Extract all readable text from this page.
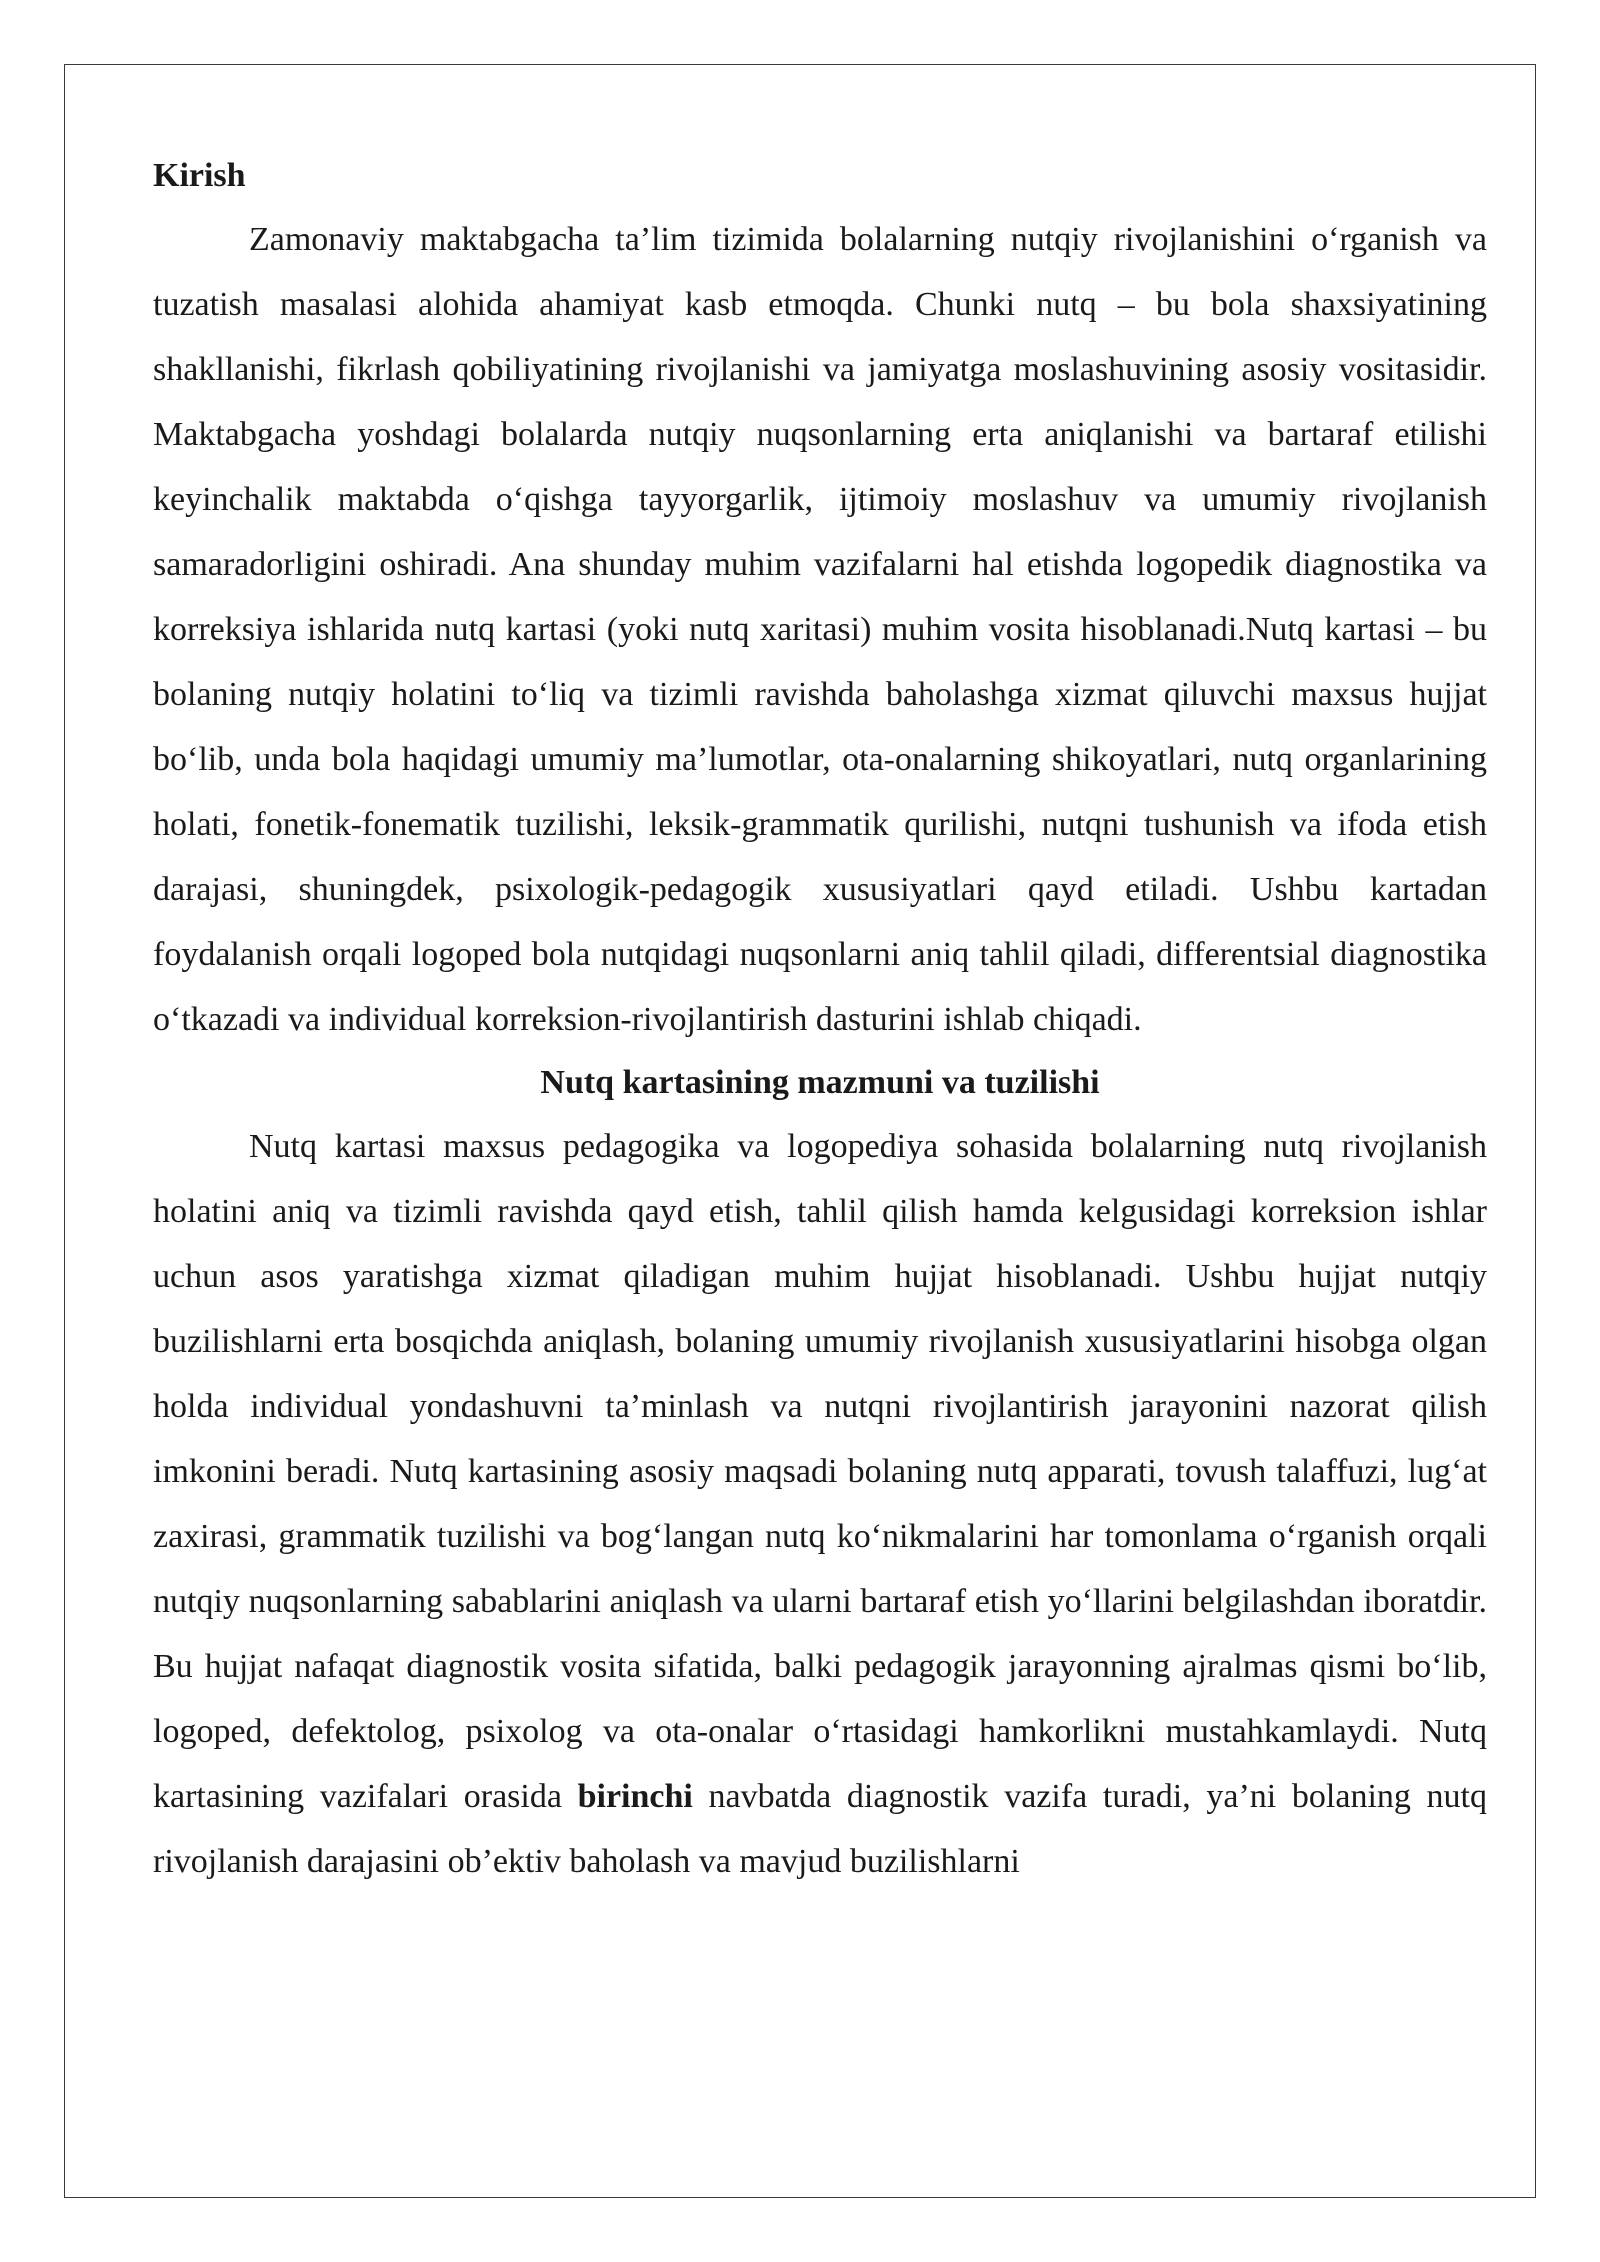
Kirish

Zamonaviy maktabgacha ta’lim tizimida bolalarning nutqiy rivojlanishini o‘rganish va tuzatish masalasi alohida ahamiyat kasb etmoqda. Chunki nutq – bu bola shaxsiyatining shakllanishi, fikrlash qobiliyatining rivojlanishi va jamiyatga moslashuvining asosiy vositasidir. Maktabgacha yoshdagi bolalarda nutqiy nuqsonlarning erta aniqlanishi va bartaraf etilishi keyinchalik maktabda o‘qishga tayyorgarlik, ijtimoiy moslashuv va umumiy rivojlanish samaradorligini oshiradi. Ana shunday muhim vazifalarni hal etishda logopedik diagnostika va korreksiya ishlarida nutq kartasi (yoki nutq xaritasi) muhim vosita hisoblanadi.Nutq kartasi – bu bolaning nutqiy holatini to‘liq va tizimli ravishda baholashga xizmat qiluvchi maxsus hujjat bo‘lib, unda bola haqidagi umumiy ma’lumotlar, ota-onalarning shikoyatlari, nutq organlarining holati, fonetik-fonematik tuzilishi, leksik-grammatik qurilishi, nutqni tushunish va ifoda etish darajasi, shuningdek, psixologik-pedagogik xususiyatlari qayd etiladi. Ushbu kartadan foydalanish orqali logoped bola nutqidagi nuqsonlarni aniq tahlil qiladi, differentsial diagnostika o‘tkazadi va individual korreksion-rivojlantirish dasturini ishlab chiqadi.

Nutq kartasining mazmuni va tuzilishi

Nutq kartasi maxsus pedagogika va logopediya sohasida bolalarning nutq rivojlanish holatini aniq va tizimli ravishda qayd etish, tahlil qilish hamda kelgusidagi korreksion ishlar uchun asos yaratishga xizmat qiladigan muhim hujjat hisoblanadi. Ushbu hujjat nutqiy buzilishlarni erta bosqichda aniqlash, bolaning umumiy rivojlanish xususiyatlarini hisobga olgan holda individual yondashuvni ta’minlash va nutqni rivojlantirish jarayonini nazorat qilish imkonini beradi. Nutq kartasining asosiy maqsadi bolaning nutq apparati, tovush talaffuzi, lug‘at zaxirasi, grammatik tuzilishi va bog‘langan nutq ko‘nikmalarini har tomonlama o‘rganish orqali nutqiy nuqsonlarning sabablarini aniqlash va ularni bartaraf etish yo‘llarini belgilashdan iboratdir. Bu hujjat nafaqat diagnostik vosita sifatida, balki pedagogik jarayonning ajralmas qismi bo‘lib, logoped, defektolog, psixolog va ota-onalar o‘rtasidagi hamkorlikni mustahkamlaydi. Nutq kartasining vazifalari orasida birinchi navbatda diagnostik vazifa turadi, ya’ni bolaning nutq rivojlanish darajasini ob’ektiv baholash va mavjud buzilishlarni
